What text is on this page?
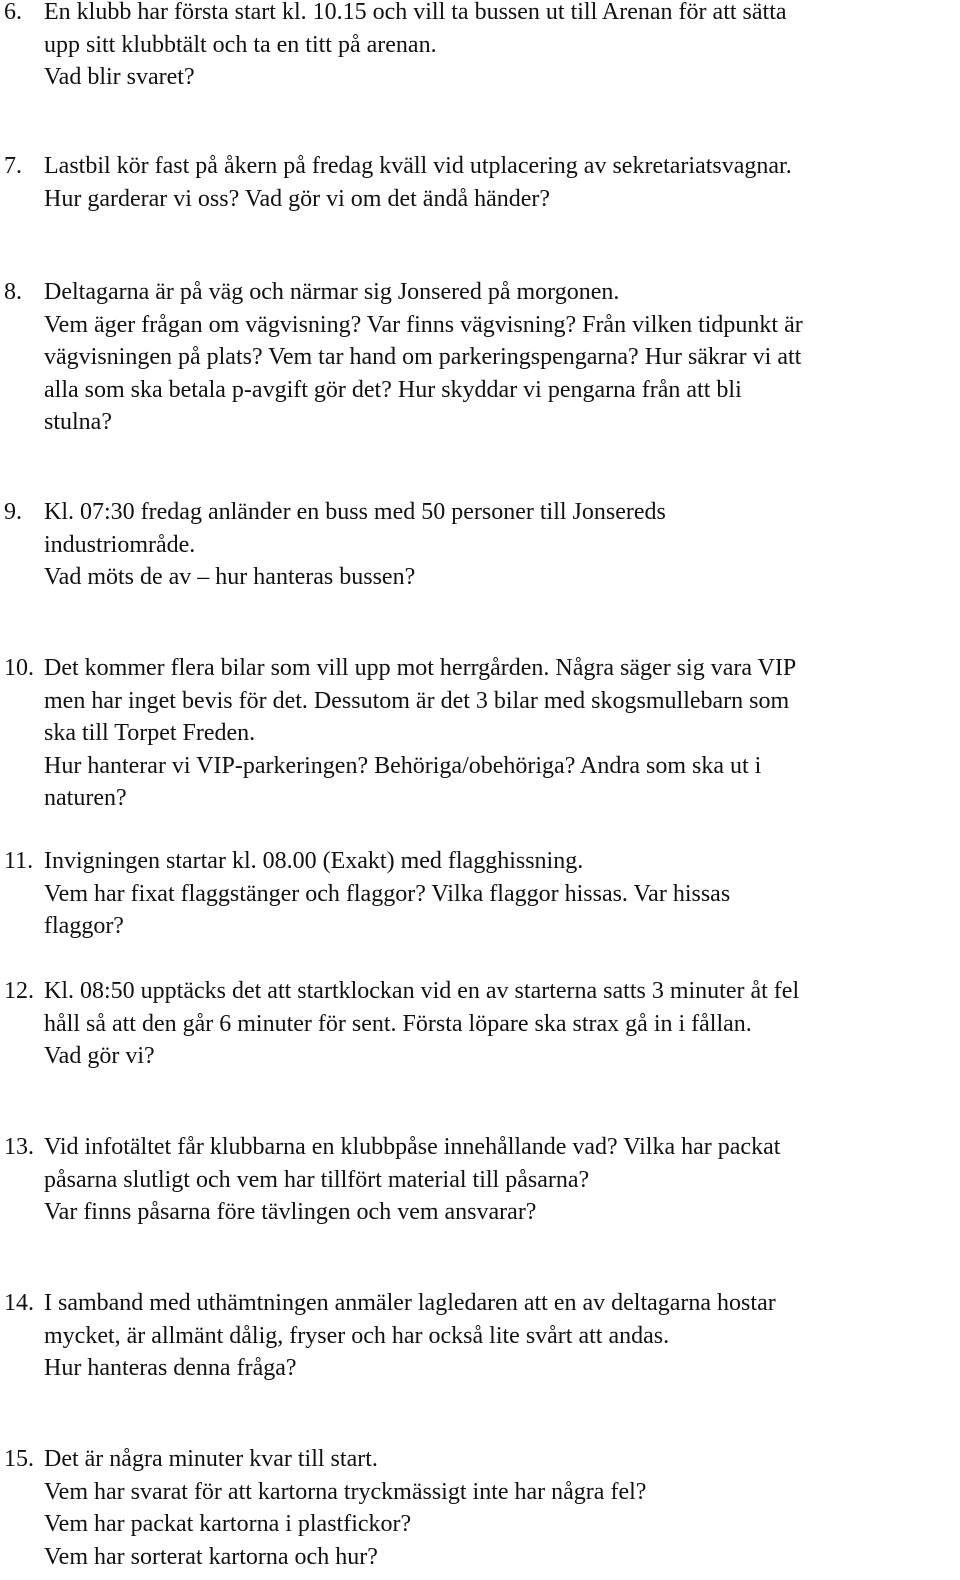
6. En klubb har första start kl. 10.15 och vill ta bussen ut till Arenan för att sätta
upp sitt klubbtält och ta en titt på arenan.
Vad blir svaret?
7. Lastbil kör fast på åkern på fredag kväll vid utplacering av sekretariatsvagnar.
Hur garderar vi oss? Vad gör vi om det ändå händer?
8. Deltagarna är på väg och närmar sig Jonsered på morgonen.
Vem äger frågan om vägvisning? Var finns vägvisning? Från vilken tidpunkt är
vägvisningen på plats? Vem tar hand om parkeringspengarna? Hur säkrar vi att
alla som ska betala p-avgift gör det? Hur skyddar vi pengarna från att bli
stulna?
9. Kl. 07:30 fredag anländer en buss med 50 personer till Jonsereds
industriområde.
Vad möts de av – hur hanteras bussen?
10. Det kommer flera bilar som vill upp mot herrgården. Några säger sig vara VIP
men har inget bevis för det. Dessutom är det 3 bilar med skogsmullebarn som
ska till Torpet Freden.
Hur hanterar vi VIP-parkeringen? Behöriga/obehöriga? Andra som ska ut i
naturen?
11. Invigningen startar kl. 08.00 (Exakt) med flagghissning.
Vem har fixat flaggstänger och flaggor? Vilka flaggor hissas. Var hissas
flaggor?
12. Kl. 08:50 upptäcks det att startklockan vid en av starterna satts 3 minuter åt fel
håll så att den går 6 minuter för sent. Första löpare ska strax gå in i fållan.
Vad gör vi?
13. Vid infotältet får klubbarna en klubbpåse innehållande vad? Vilka har packat
påsarna slutligt och vem har tillfört material till påsarna?
Var finns påsarna före tävlingen och vem ansvarar?
14. I samband med uthämtningen anmäler lagledaren att en av deltagarna hostar
mycket, är allmänt dålig, fryser och har också lite svårt att andas.
Hur hanteras denna fråga?
15. Det är några minuter kvar till start.
Vem har svarat för att kartorna tryckmässigt inte har några fel?
Vem har packat kartorna i plastfickor?
Vem har sorterat kartorna och hur?
